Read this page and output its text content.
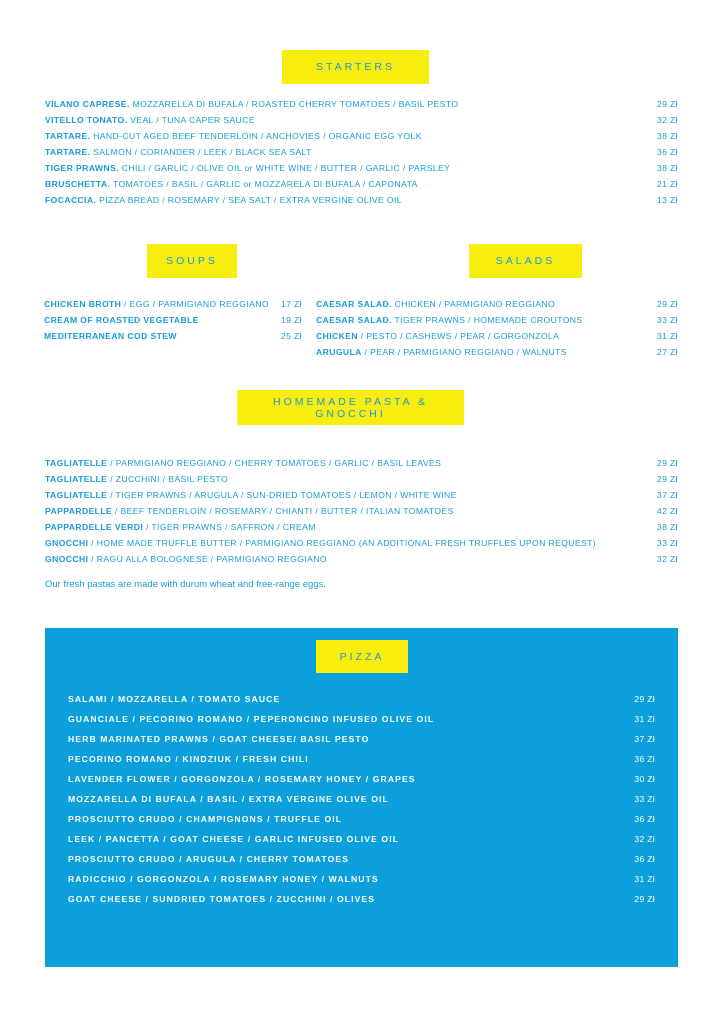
STARTERS
VILANO CAPRESE. MOZZARELLA DI BUFALA / ROASTED CHERRY TOMATOES / BASIL PESTO	29 Zł
VITELLO TONATO. VEAL / TUNA CAPER SAUCE	32 Zł
TARTARE. HAND-CUT AGED BEEF TENDERLOIN / ANCHOVIES / ORGANIC EGG YOLK	38 Zł
TARTARE. SALMON / CORIANDER / LEEK / BLACK SEA SALT	36 Zł
TIGER PRAWNS. CHILI / GARLIC / OLIVE OIL or WHITE WINE / BUTTER / GARLIC / PARSLEY	38 Zł
BRUSCHETTA. TOMATOES / BASIL / GARLIC or MOZZARELA DI BUFALA / CAPONATA	21 Zł
FOCACCIA. PIZZA BREAD / ROSEMARY / SEA SALT / EXTRA VERGINE OLIVE OIL	13 Zł
SOUPS
CHICKEN BROTH / EGG / PARMIGIANO REGGIANO 17 Zł
CREAM OF ROASTED VEGETABLE	19 Zł
MEDITERRANEAN COD STEW	25 Zł
SALADS
CAESAR SALAD. CHICKEN / PARMIGIANO REGGIANO	29 Zł
CAESAR SALAD. TIGER PRAWNS / HOMEMADE CROUTONS	33 Zł
CHICKEN / PESTO / CASHEWS / PEAR / GORGONZOLA	31 Zł
ARUGULA / PEAR / PARMIGIANO REGGIANO / WALNUTS	27 Zł
HOMEMADE PASTA & GNOCCHI
TAGLIATELLE / PARMIGIANO REGGIANO / CHERRY TOMATOES / GARLIC / BASIL LEAVES	29 Zł
TAGLIATELLE / ZUCCHINI / BASIL PESTO	29 Zł
TAGLIATELLE / TIGER PRAWNS / ARUGULA / SUN-DRIED TOMATOES / LEMON / WHITE WINE	37 Zł
PAPPARDELLE / BEEF TENDERLOIN / ROSEMARY / CHIANTI / BUTTER / ITALIAN TOMATOES	42 Zł
PAPPARDELLE VERDI / TIGER PRAWNS / SAFFRON / CREAM	38 Zł
GNOCCHI / HOME MADE TRUFFLE BUTTER / PARMIGIANO REGGIANO (AN ADDITIONAL FRESH TRUFFLES UPON REQUEST)	33 Zł
GNOCCHI / RAGÙ ALLA BOLOGNESE / PARMIGIANO REGGIANO	32 Zł
Our fresh pastas are made with durum wheat and free-range eggs.
PIZZA
SALAMI / MOZZARELLA / TOMATO SAUCE	29 Zł
GUANCIALE / PECORINO ROMANO / PEPERONCINO INFUSED OLIVE OIL	31 Zł
HERB MARINATED PRAWNS / GOAT CHEESE/ BASIL PESTO	37 Zł
PECORINO ROMANO / KINDZIUK / FRESH CHILI	36 Zł
LAVENDER FLOWER / GORGONZOLA / ROSEMARY HONEY / GRAPES	30 Zł
MOZZARELLA DI BUFALA / BASIL / EXTRA VERGINE OLIVE OIL	33 Zł
PROSCIUTTO CRUDO / CHAMPIGNONS / TRUFFLE OIL	36 Zł
LEEK / PANCETTA / GOAT CHEESE / GARLIC INFUSED OLIVE OIL	32 Zł
PROSCIUTTO CRUDO / ARUGULA / CHERRY TOMATOES	36 Zł
RADICCHIO / GORGONZOLA / ROSEMARY HONEY / WALNUTS	31 Zł
GOAT CHEESE / SUNDRIED TOMATOES / ZUCCHINI / OLIVES	29 Zł
